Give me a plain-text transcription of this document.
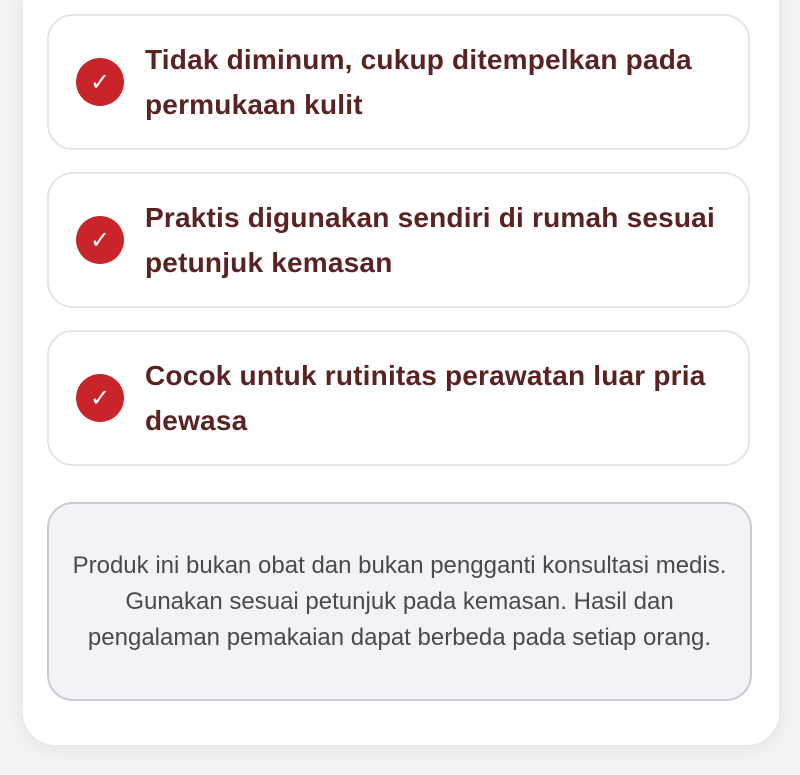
✓
Tidak diminum, cukup ditempelkan pada permukaan kulit
✓
Praktis digunakan sendiri di rumah sesuai petunjuk kemasan
✓
Cocok untuk rutinitas perawatan luar pria dewasa
Produk ini bukan obat dan bukan pengganti konsultasi medis. Gunakan sesuai petunjuk pada kemasan. Hasil dan pengalaman pemakaian dapat berbeda pada setiap orang.
